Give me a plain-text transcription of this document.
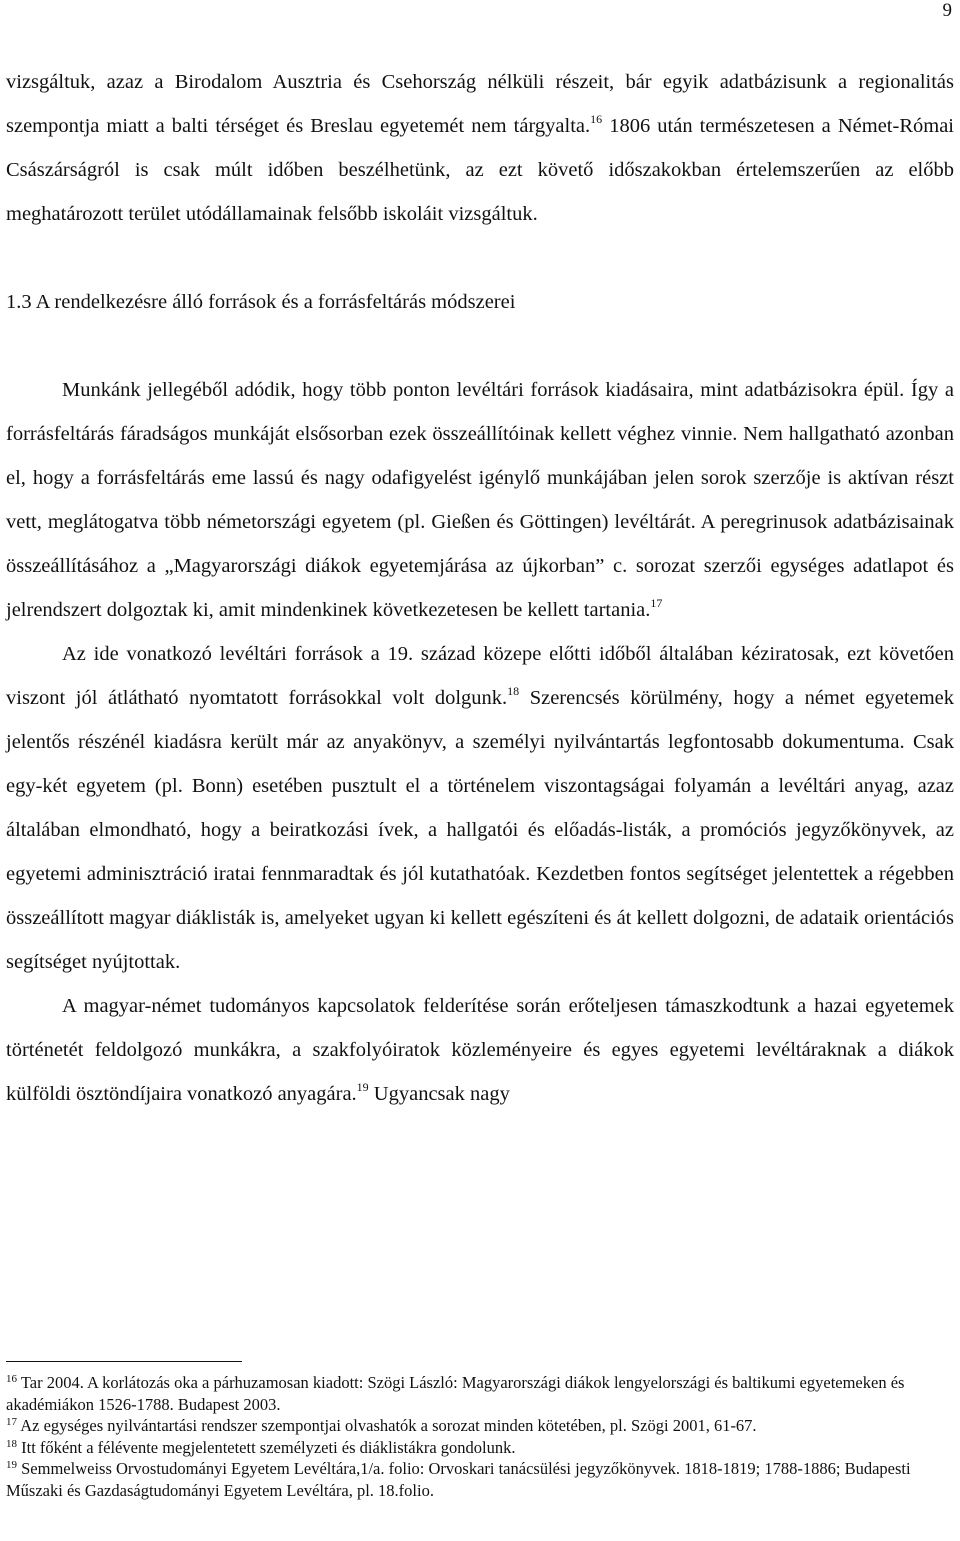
9

vizsgáltuk, azaz a Birodalom Ausztria és Csehország nélküli részeit, bár egyik adatbázisunk a regionalitás szempontja miatt a balti térséget és Breslau egyetemét nem tárgyalta.$^{16}$ 1806 után természetesen a Német-Római Császárságról is csak múlt időben beszélhetünk, az ezt követő időszakokban értelemszerűen az előbb meghatározott terület utódállamainak felsőbb iskoláit vizsgáltuk.

1.3 A rendelkezésre álló források és a forrásfeltárás módszerei

Munkánk jellegéből adódik, hogy több ponton levéltári források kiadásaira, mint adatbázisokra épül. Így a forrásfeltárás fáradságos munkáját elsősorban ezek összeállítóinak kellett véghez vinnie. Nem hallgatható azonban el, hogy a forrásfeltárás eme lassú és nagy odafigyelést igénylő munkájában jelen sorok szerzője is aktívan részt vett, meglátogatva több németországi egyetem (pl. Gießen és Göttingen) levéltárát. A peregrinusok adatbázisainak összeállításához a „Magyarországi diákok egyetemjárása az újkorban” c. sorozat szerzői egységes adatlapot és jelrendszert dolgoztak ki, amit mindenkinek következetesen be kellett tartania.$^{17}$

Az ide vonatkozó levéltári források a 19. század közepe előtti időből általában kéziratosak, ezt követően viszont jól átlátható nyomtatott forrásokkal volt dolgunk.$^{18}$ Szerencsés körülmény, hogy a német egyetemek jelentős részénél kiadásra került már az anyakönyv, a személyi nyilvántartás legfontosabb dokumentuma. Csak egy-két egyetem (pl. Bonn) esetében pusztult el a történelem viszontagságai folyamán a levéltári anyag, azaz általában elmondható, hogy a beiratkozási ívek, a hallgatói és előadás-listák, a promóciós jegyzőkönyvek, az egyetemi adminisztráció iratai fennmaradtak és jól kutathatóak. Kezdetben fontos segítséget jelentettek a régebben összeállított magyar diáklisták is, amelyeket ugyan ki kellett egészíteni és át kellett dolgozni, de adataik orientációs segítséget nyújtottak.

A magyar-német tudományos kapcsolatok felderítése során erőteljesen támaszkodtunk a hazai egyetemek történetét feldolgozó munkákra, a szakfolyóiratok közleményeire és egyes egyetemi levéltáraknak a diákok külföldi ösztöndíjaira vonatkozó anyagára.$^{19}$ Ugyancsak nagy

$^{16}$ Tar 2004. A korlátozás oka a párhuzamosan kiadott: Szögi László: Magyarországi diákok lengyelországi és baltikumi egyetemeken és akadémiákon 1526-1788. Budapest 2003.

$^{17}$ Az egységes nyilvántartási rendszer szempontjai olvashatók a sorozat minden kötetében, pl. Szögi 2001, 61-67.

$^{18}$ Itt főként a félévente megjelentetett személyzeti és diáklistákra gondolunk.

$^{19}$ Semmelweiss Orvostudományi Egyetem Levéltára,1/a. folio: Orvoskari tanácsülési jegyzőkönyvek. 1818-1819; 1788-1886; Budapesti Műszaki és Gazdaságtudományi Egyetem Levéltára, pl. 18.folio.
